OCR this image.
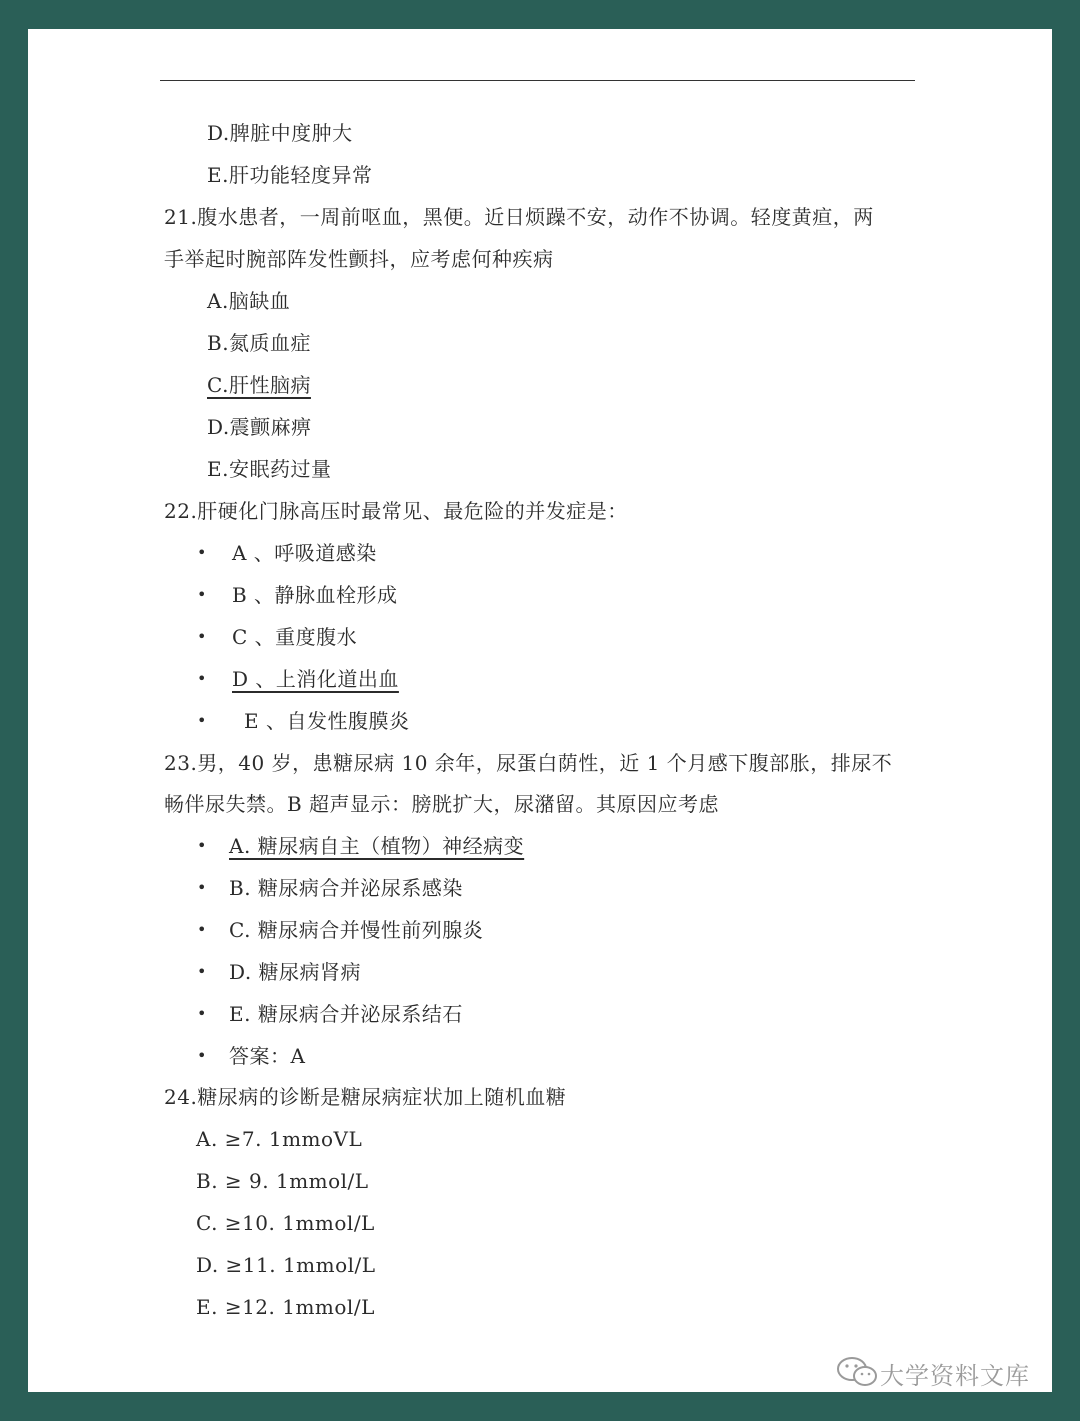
D.脾脏中度肿大
E.肝功能轻度异常
21.腹水患者，一周前呕血，黑便。近日烦躁不安，动作不协调。轻度黄疸，两
手举起时腕部阵发性颤抖，应考虑何种疾病
A.脑缺血
B.氮质血症
C.肝性脑病
D.震颤麻痹
E.安眠药过量
22.肝硬化门脉高压时最常见、最危险的并发症是：
• A 、呼吸道感染
• B 、静脉血栓形成
• C 、重度腹水
• D 、上消化道出血
• E 、自发性腹膜炎
23.男，40 岁，患糖尿病 10 余年，尿蛋白荫性，近 1 个月感下腹部胀，排尿不
畅伴尿失禁。B 超声显示：膀胱扩大，尿潴留。其原因应考虑
• A. 糖尿病自主（植物）神经病变
• B. 糖尿病合并泌尿系感染
• C. 糖尿病合并慢性前列腺炎
• D. 糖尿病肾病
• E. 糖尿病合并泌尿系结石
• 答案：A
24.糖尿病的诊断是糖尿病症状加上随机血糖
A. ≥7. 1mmoVL
B. ≥ 9. 1mmol/L
C. ≥10. 1mmol/L
D. ≥11. 1mmol/L
E. ≥12. 1mmol/L
大学资料文库
